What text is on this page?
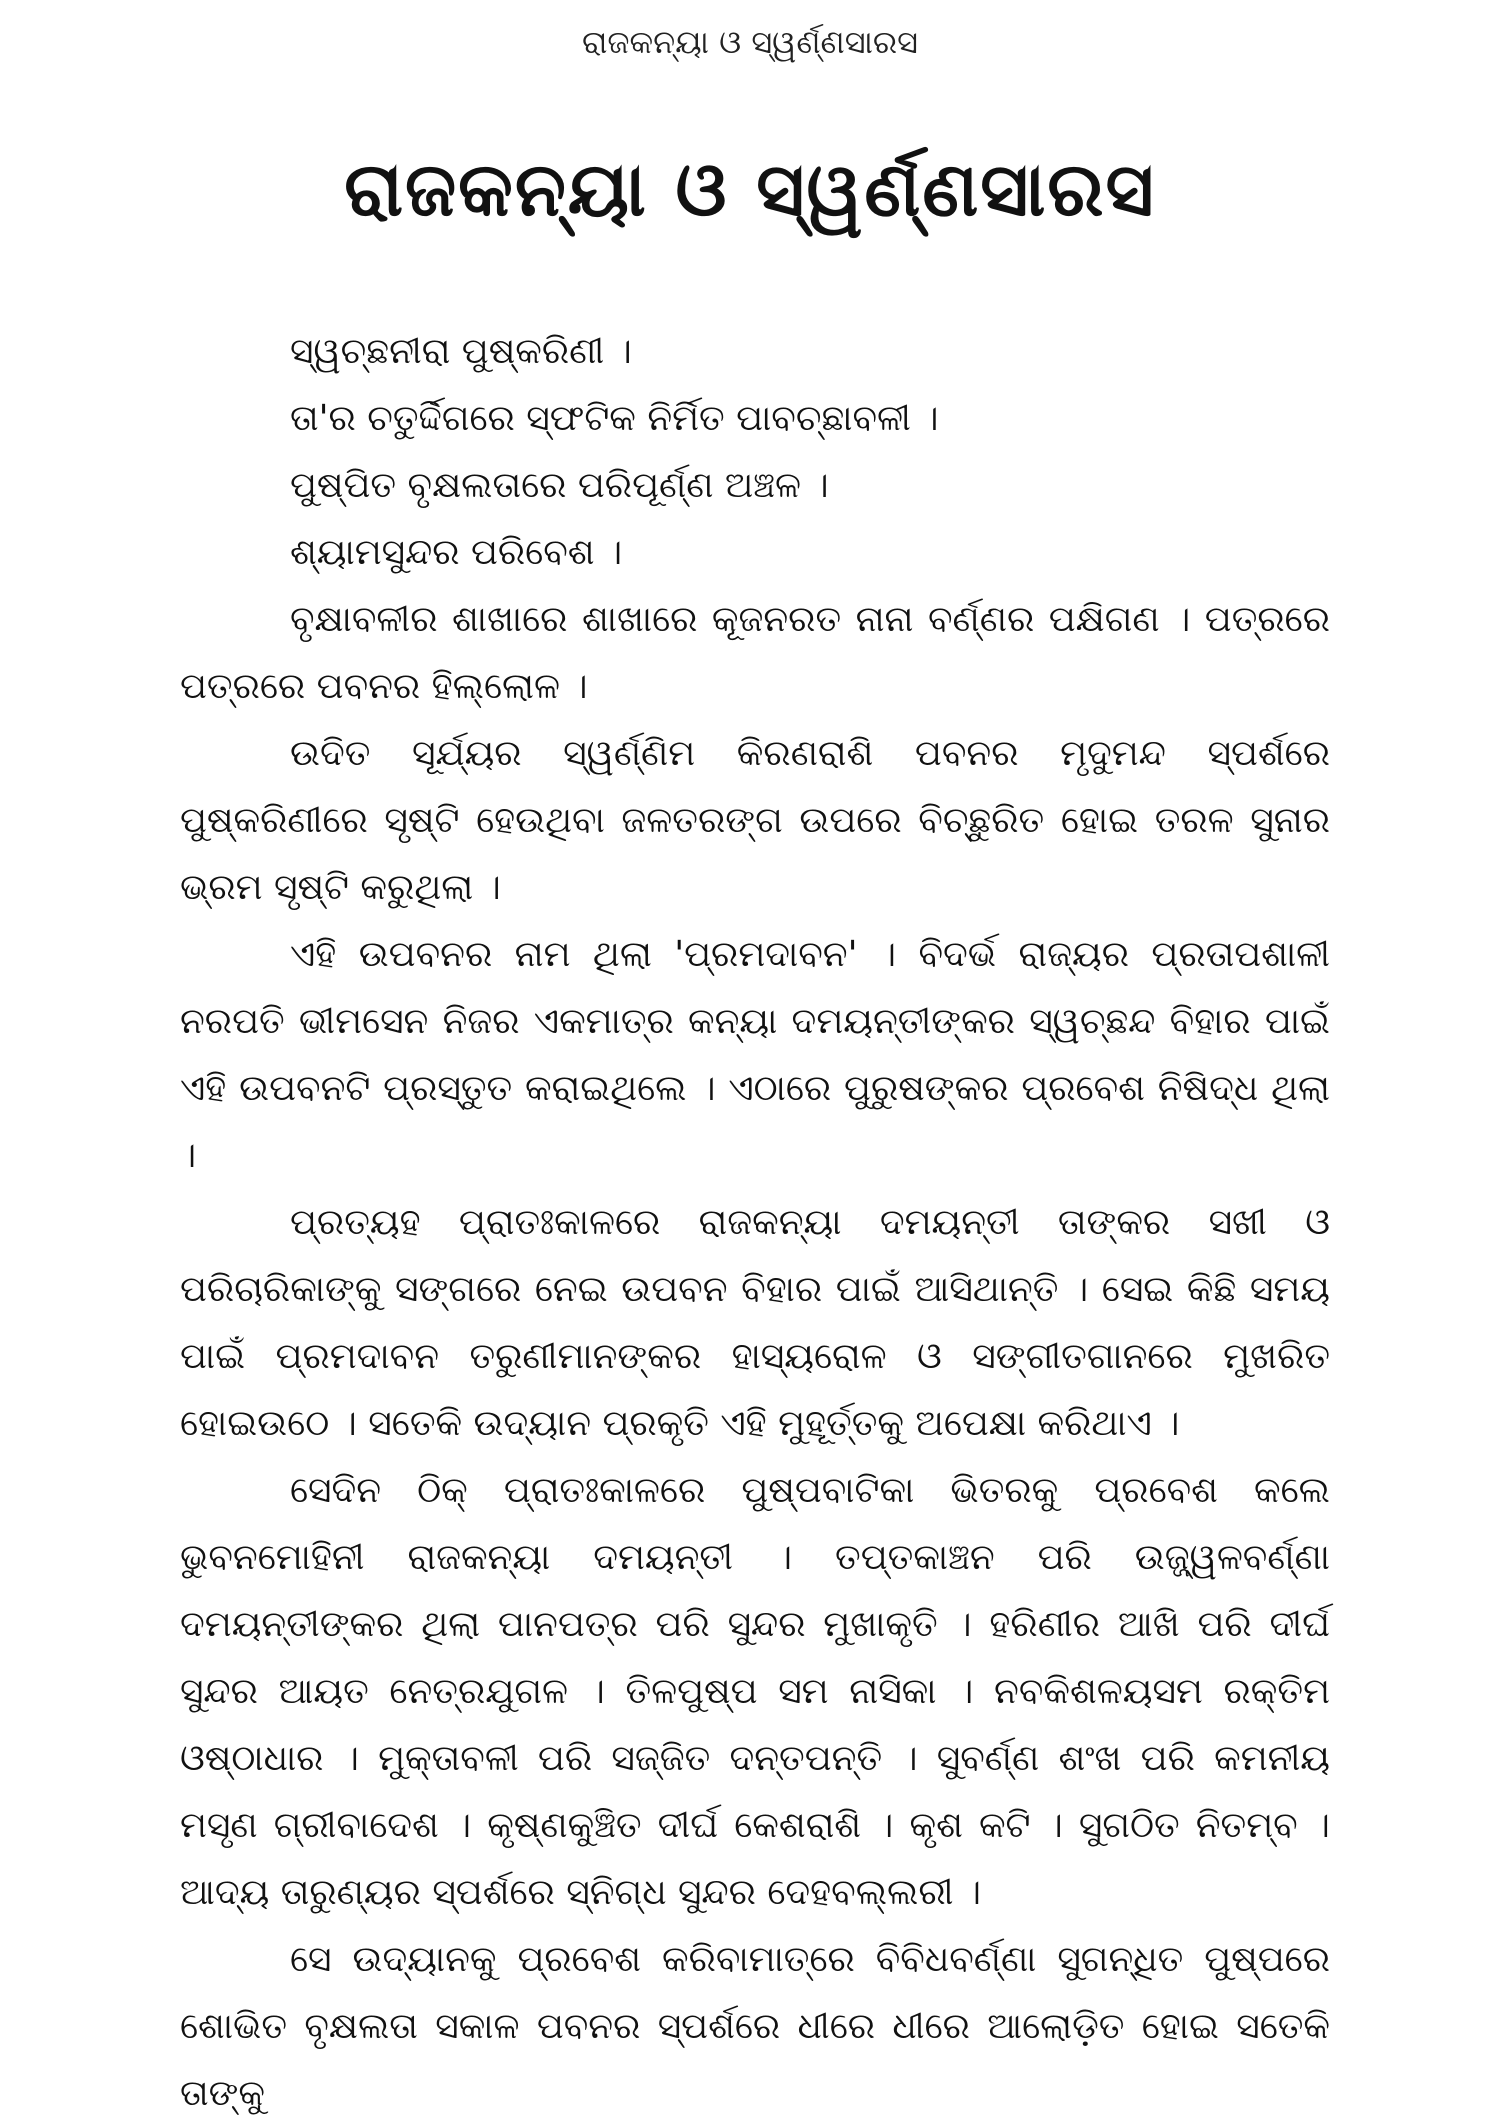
ରାଜକନ୍ୟା ଓ ସ୍ୱର୍ଣ୍ଣସାରସ
ରାଜକନ୍ୟା ଓ ସ୍ୱର୍ଣ୍ଣସାରସ

ସ୍ୱଚ୍ଛନୀରା ପୁଷ୍କରିଣୀ ।

ତା'ର ଚତୁର୍ଦ୍ଦିଗରେ ସ୍ଫଟିକ ନିର୍ମିତ ପାବଚ୍ଛାବଳୀ ।

ପୁଷ୍ପିତ ବୃକ୍ଷଲତାରେ ପରିପୂର୍ଣ୍ଣ ଅଞ୍ଚଳ ।

ଶ୍ୟାମସୁନ୍ଦର ପରିବେଶ ।

ବୃକ୍ଷାବଳୀର ଶାଖାରେ ଶାଖାରେ କୂଜନରତ ନାନା ବର୍ଣ୍ଣର ପକ୍ଷିଗଣ । ପତ୍ରରେ ପତ୍ରରେ ପବନର ହିଲ୍ଲୋଳ ।

ଉଦିତ ସୂର୍ଯ୍ୟର ସ୍ୱର୍ଣ୍ଣିମ କିରଣରାଶି ପବନର ମୃଦୁମନ୍ଦ ସ୍ପର୍ଶରେ ପୁଷ୍କରିଣୀରେ ସୃଷ୍ଟି ହେଉଥିବା ଜଳତରଙ୍ଗ ଉପରେ ବିଚ୍ଛୁରିତ ହୋଇ ତରଳ ସୁନାର ଭ୍ରମ ସୃଷ୍ଟି କରୁଥିଲା ।

ଏହି ଉପବନର ନାମ ଥିଲା 'ପ୍ରମଦାବନ' । ବିଦର୍ଭ ରାଜ୍ୟର ପ୍ରତାପଶାଳୀ ନରପତି ଭୀମସେନ ନିଜର ଏକମାତ୍ର କନ୍ୟା ଦମୟନ୍ତୀଙ୍କର ସ୍ୱଚ୍ଛନ୍ଦ ବିହାର ପାଇଁ ଏହି ଉପବନଟି ପ୍ରସ୍ତୁତ କରାଇଥିଲେ । ଏଠାରେ ପୁରୁଷଙ୍କର ପ୍ରବେଶ ନିଷିଦ୍ଧ ଥିଲା ।

ପ୍ରତ୍ୟହ ପ୍ରାତଃକାଳରେ ରାଜକନ୍ୟା ଦମୟନ୍ତୀ ତାଙ୍କର ସଖୀ ଓ ପରିଚାରିକାଙ୍କୁ ସଙ୍ଗରେ ନେଇ ଉପବନ ବିହାର ପାଇଁ ଆସିଥାନ୍ତି । ସେଇ କିଛି ସମୟ ପାଇଁ ପ୍ରମଦାବନ ତରୁଣୀମାନଙ୍କର ହାସ୍ୟରୋଳ ଓ ସଙ୍ଗୀତଗାନରେ ମୁଖରିତ ହୋଇଉଠେ । ସତେକି ଉଦ୍ୟାନ ପ୍ରକୃତି ଏହି ମୁହୂର୍ତ୍ତକୁ ଅପେକ୍ଷା କରିଥାଏ ।

ସେଦିନ ଠିକ୍ ପ୍ରାତଃକାଳରେ ପୁଷ୍ପବାଟିକା ଭିତରକୁ ପ୍ରବେଶ କଲେ ଭୁବନମୋହିନୀ ରାଜକନ୍ୟା ଦମୟନ୍ତୀ । ତପ୍ତକାଞ୍ଚନ ପରି ଉଜ୍ଜ୍ୱଳବର୍ଣ୍ଣା ଦମୟନ୍ତୀଙ୍କର ଥିଲା ପାନପତ୍ର ପରି ସୁନ୍ଦର ମୁଖାକୃତି । ହରିଣୀର ଆଖି ପରି ଦୀର୍ଘ ସୁନ୍ଦର ଆୟତ ନେତ୍ରଯୁଗଳ । ତିଳପୁଷ୍ପ ସମ ନାସିକା । ନବକିଶଳୟସମ ରକ୍ତିମ ଓଷ୍ଠାଧାର । ମୁକ୍ତାବଳୀ ପରି ସଜ୍ଜିତ ଦନ୍ତପନ୍ତି । ସୁବର୍ଣ୍ଣ ଶଂଖ ପରି କମନୀୟ ମସୃଣ ଗ୍ରୀବାଦେଶ । କୃଷ୍ଣକୁଞ୍ଚିତ ଦୀର୍ଘ କେଶରାଶି । କୃଶ କଟି । ସୁଗଠିତ ନିତମ୍ବ । ଆଦ୍ୟ ତାରୁଣ୍ୟର ସ୍ପର୍ଶରେ ସ୍ନିଗ୍ଧ ସୁନ୍ଦର ଦେହବଲ୍ଲରୀ ।

ସେ ଉଦ୍ୟାନକୁ ପ୍ରବେଶ କରିବାମାତ୍ରେ ବିବିଧବର୍ଣ୍ଣା ସୁଗନ୍ଧିତ ପୁଷ୍ପରେ ଶୋଭିତ ବୃକ୍ଷଲତା ସକାଳ ପବନର ସ୍ପର୍ଶରେ ଧୀରେ ଧୀରେ ଆଲୋଡ଼ିତ ହୋଇ ସତେକି ତାଙ୍କୁ
